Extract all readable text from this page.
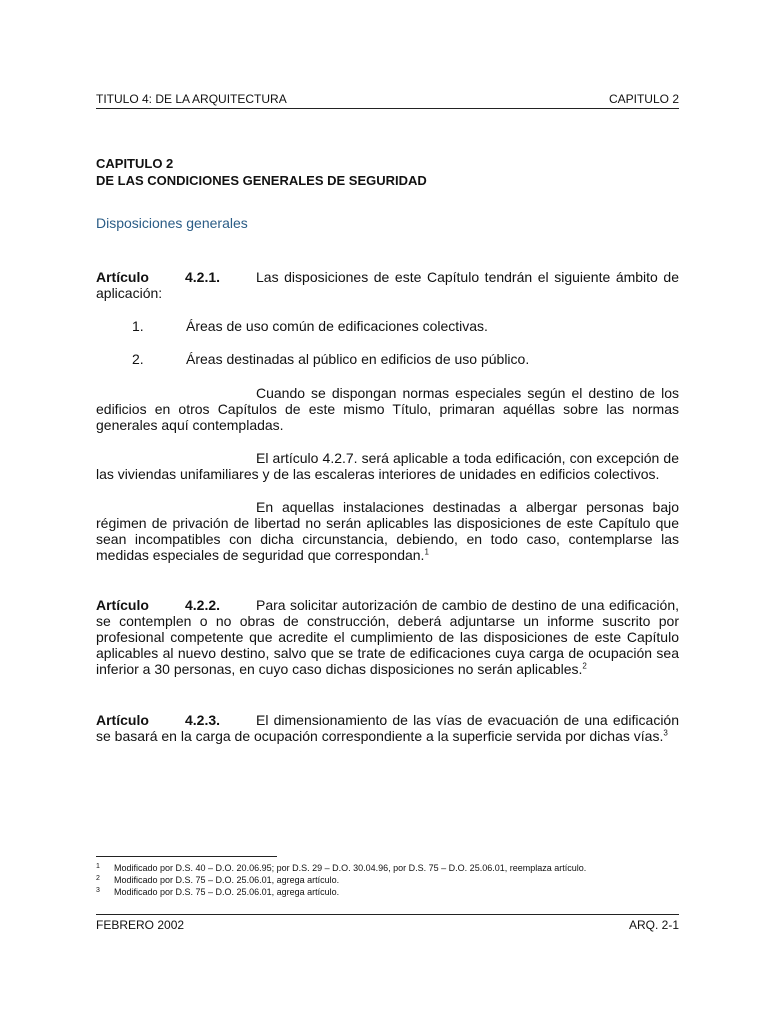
TITULO 4: DE LA ARQUITECTURA	CAPITULO 2
CAPITULO 2
DE LAS CONDICIONES GENERALES DE SEGURIDAD
Disposiciones generales
Artículo	4.2.1.	Las disposiciones de este Capítulo tendrán el siguiente ámbito de aplicación:
1.	Áreas de uso común de edificaciones colectivas.
2.	Áreas destinadas al público en edificios de uso público.
Cuando se dispongan normas especiales según el destino de los edificios en otros Capítulos de este mismo Título, primaran aquéllas sobre las normas generales aquí contempladas.
El artículo 4.2.7. será aplicable a toda edificación, con excepción de las viviendas unifamiliares y de las escaleras interiores de unidades en edificios colectivos.
En aquellas instalaciones destinadas a albergar personas bajo régimen de privación de libertad no serán aplicables las disposiciones de este Capítulo que sean incompatibles con dicha circunstancia, debiendo, en todo caso, contemplarse las medidas especiales de seguridad que correspondan.$^1$
Artículo	4.2.2.	Para solicitar autorización de cambio de destino de una edificación, se contemplen o no obras de construcción, deberá adjuntarse un informe suscrito por profesional competente que acredite el cumplimiento de las disposiciones de este Capítulo aplicables al nuevo destino, salvo que se trate de edificaciones cuya carga de ocupación sea inferior a 30 personas, en cuyo caso dichas disposiciones no serán aplicables.$^2$
Artículo	4.2.3.	El dimensionamiento de las vías de evacuación de una edificación se basará en la carga de ocupación correspondiente a la superficie servida por dichas vías.$^3$
1	Modificado por D.S. 40 – D.O. 20.06.95; por D.S. 29 – D.O. 30.04.96, por D.S. 75 – D.O. 25.06.01, reemplaza artículo.
2	Modificado por D.S. 75 – D.O. 25.06.01, agrega artículo.
3	Modificado por D.S. 75 – D.O. 25.06.01, agrega artículo.
FEBRERO 2002	ARQ. 2-1
